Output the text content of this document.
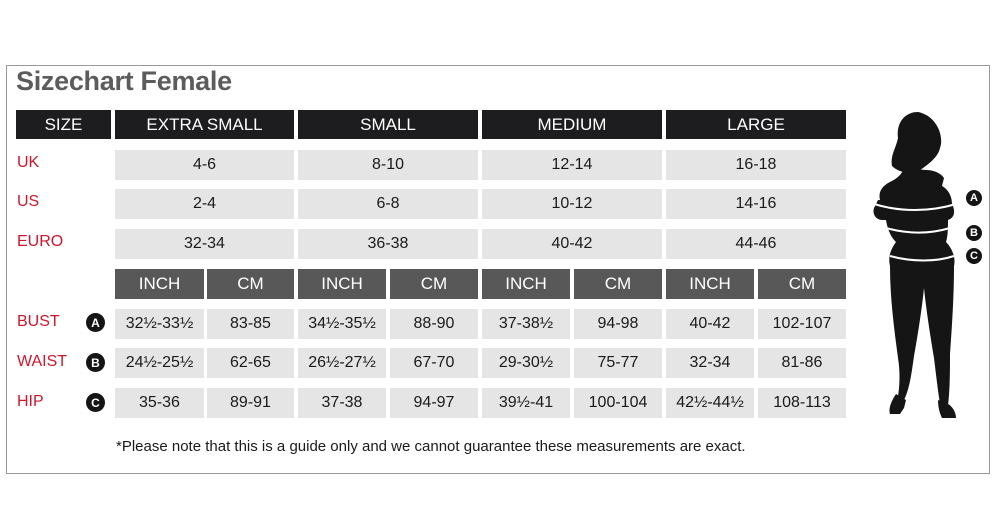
Sizechart Female
SIZE	EXTRA SMALL	SMALL	MEDIUM	LARGE
UK	4-6	8-10	12-14	16-18
US	2-4	6-8	10-12	14-16
EURO	32-34	36-38	40-42	44-46
INCH	CM	INCH	CM	INCH	CM	INCH	CM
BUST	A	32½-33½	83-85	34½-35½	88-90	37-38½	94-98	40-42	102-107
WAIST	B	24½-25½	62-65	26½-27½	67-70	29-30½	75-77	32-34	81-86
HIP	C	35-36	89-91	37-38	94-97	39½-41	100-104	42½-44½	108-113
*Please note that this is a guide only and we cannot guarantee these measurements are exact.
A
B
C
